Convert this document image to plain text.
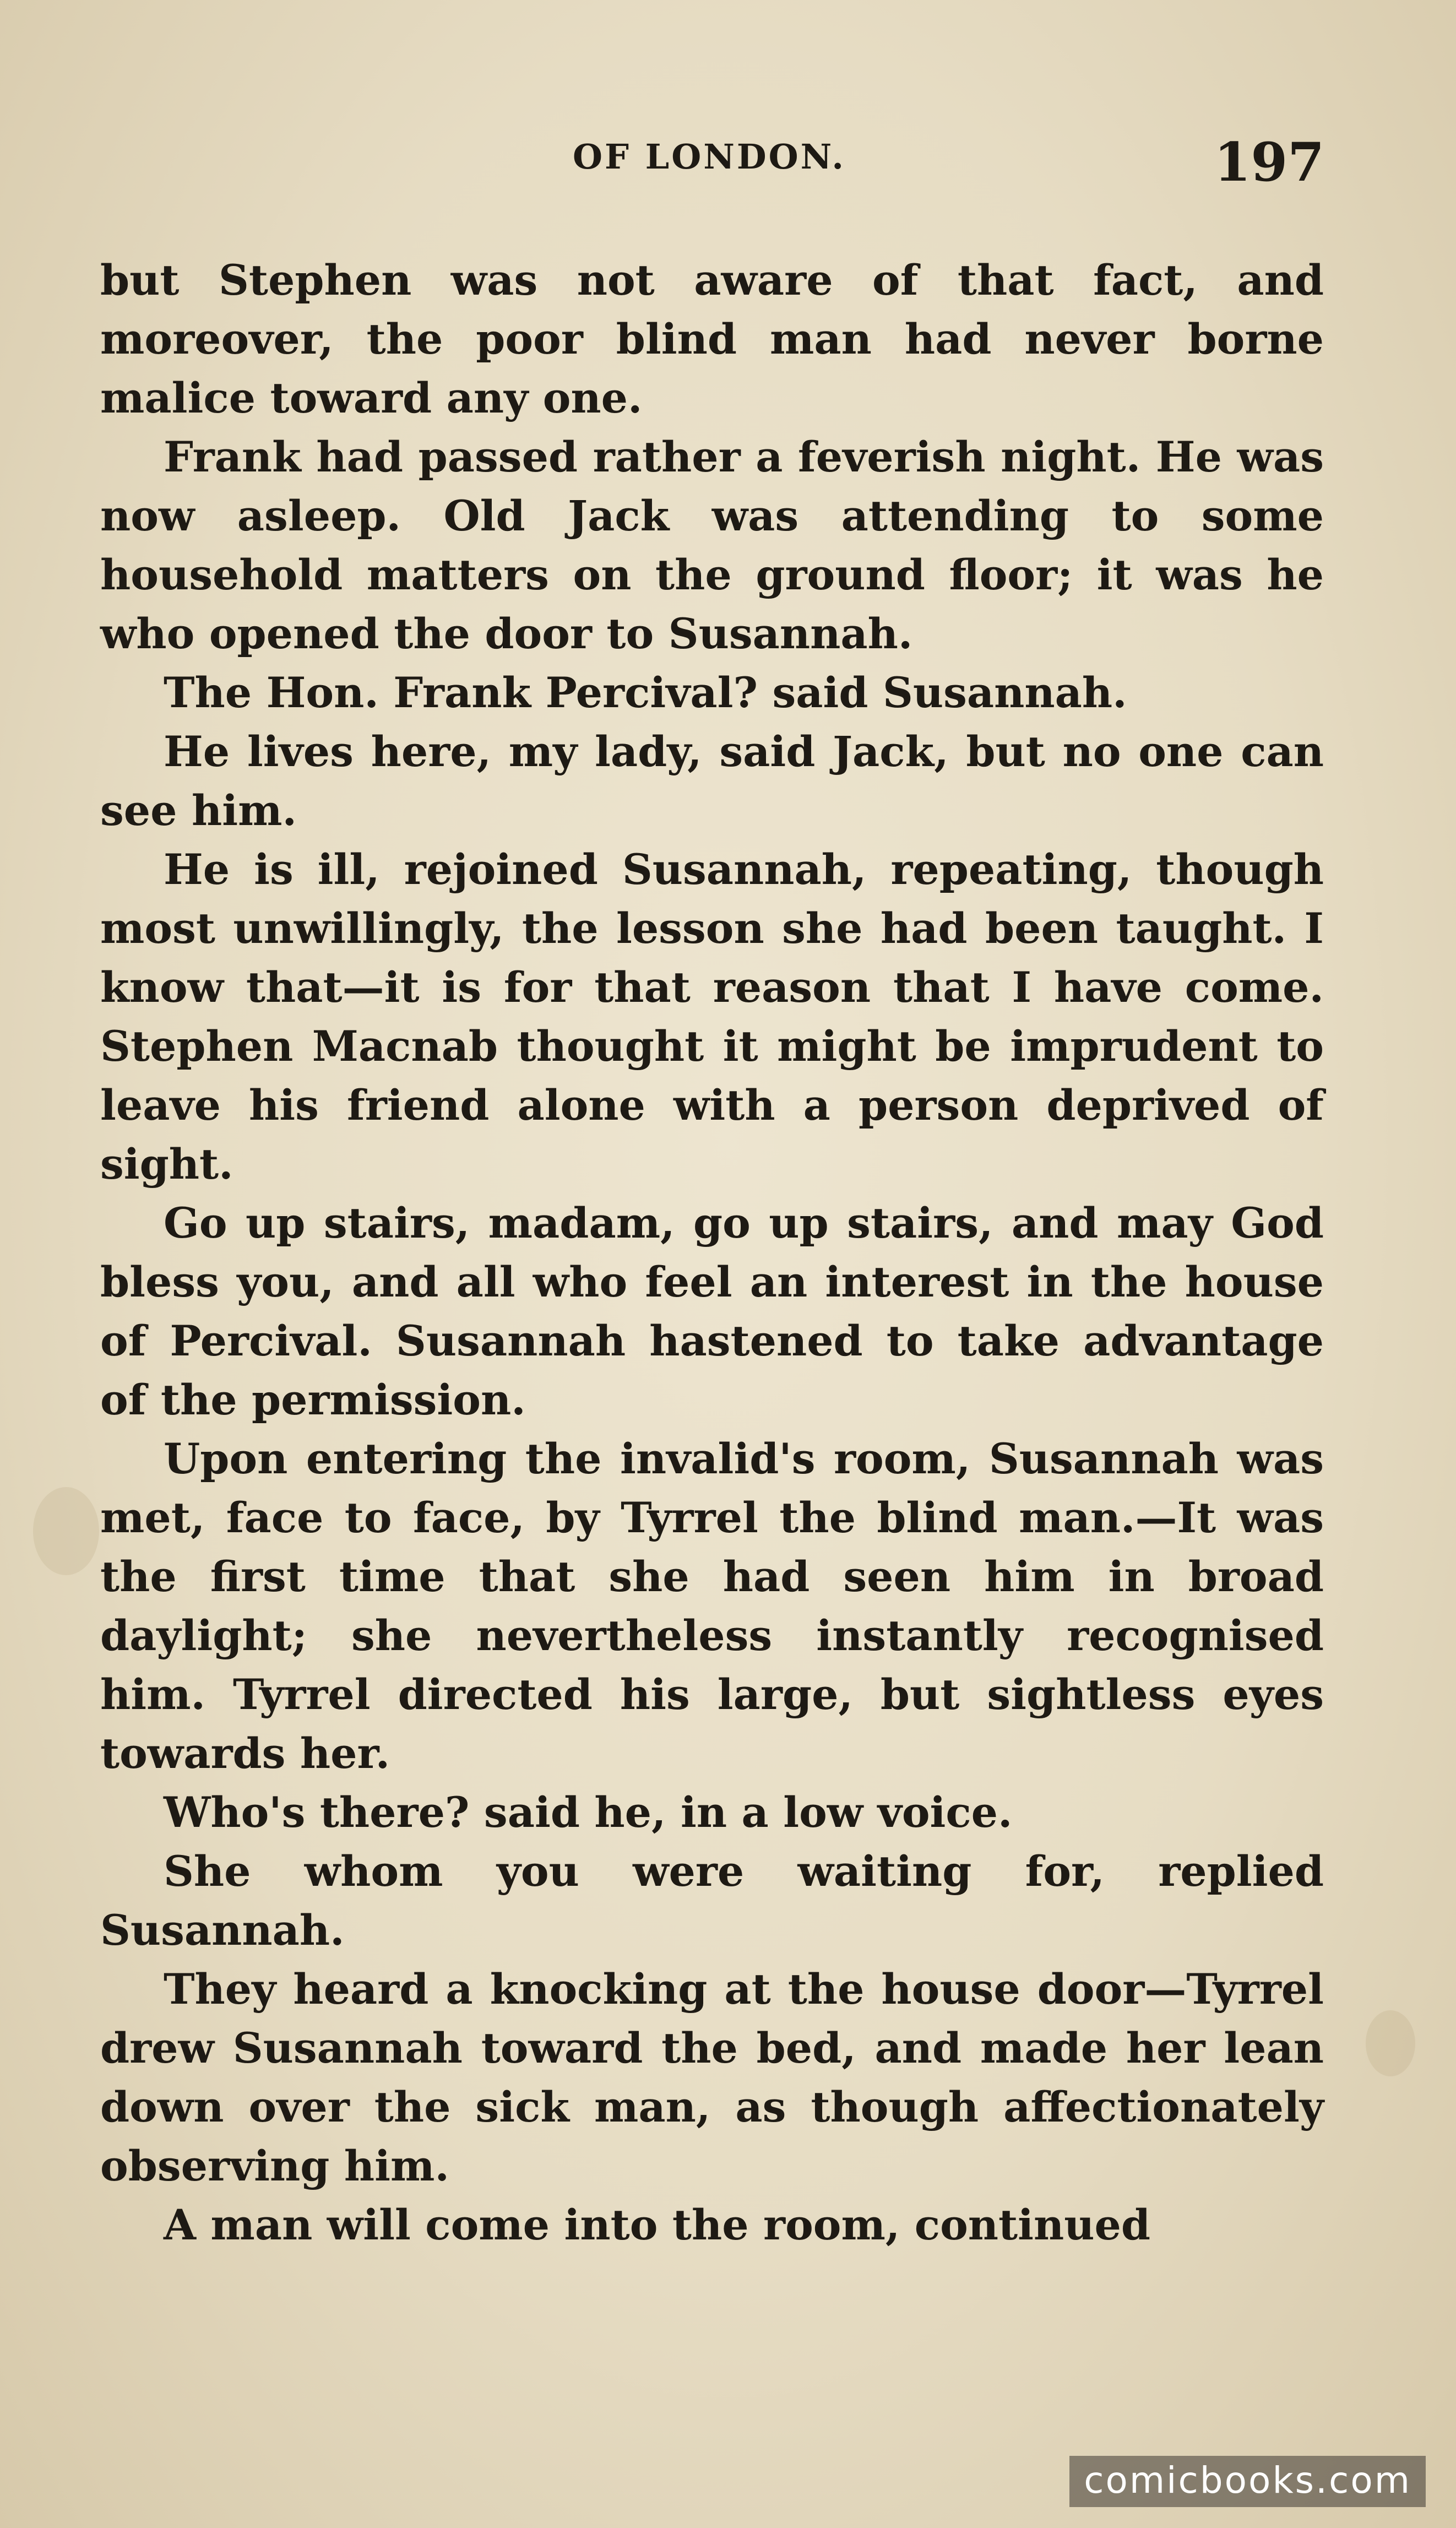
OF LONDON.	197

but Stephen was not aware of that fact, and moreover, the poor blind man had never borne malice toward any one.

Frank had passed rather a feverish night. He was now asleep. Old Jack was attending to some household matters on the ground floor; it was he who opened the door to Susannah.

The Hon. Frank Percival? said Susannah.

He lives here, my lady, said Jack, but no one can see him.

He is ill, rejoined Susannah, repeating, though most unwillingly, the lesson she had been taught. I know that—it is for that reason that I have come. Stephen Macnab thought it might be imprudent to leave his friend alone with a person deprived of sight.

Go up stairs, madam, go up stairs, and may God bless you, and all who feel an interest in the house of Percival. Susannah hastened to take advantage of the permission.

Upon entering the invalid's room, Susannah was met, face to face, by Tyrrel the blind man.—It was the first time that she had seen him in broad daylight; she nevertheless instantly recognised him. Tyrrel directed his large, but sightless eyes towards her.

Who's there? said he, in a low voice.

She whom you were waiting for, replied Susannah.

They heard a knocking at the house door—Tyrrel drew Susannah toward the bed, and made her lean down over the sick man, as though affectionately observing him.

A man will come into the room, continued

comicbooks.com
